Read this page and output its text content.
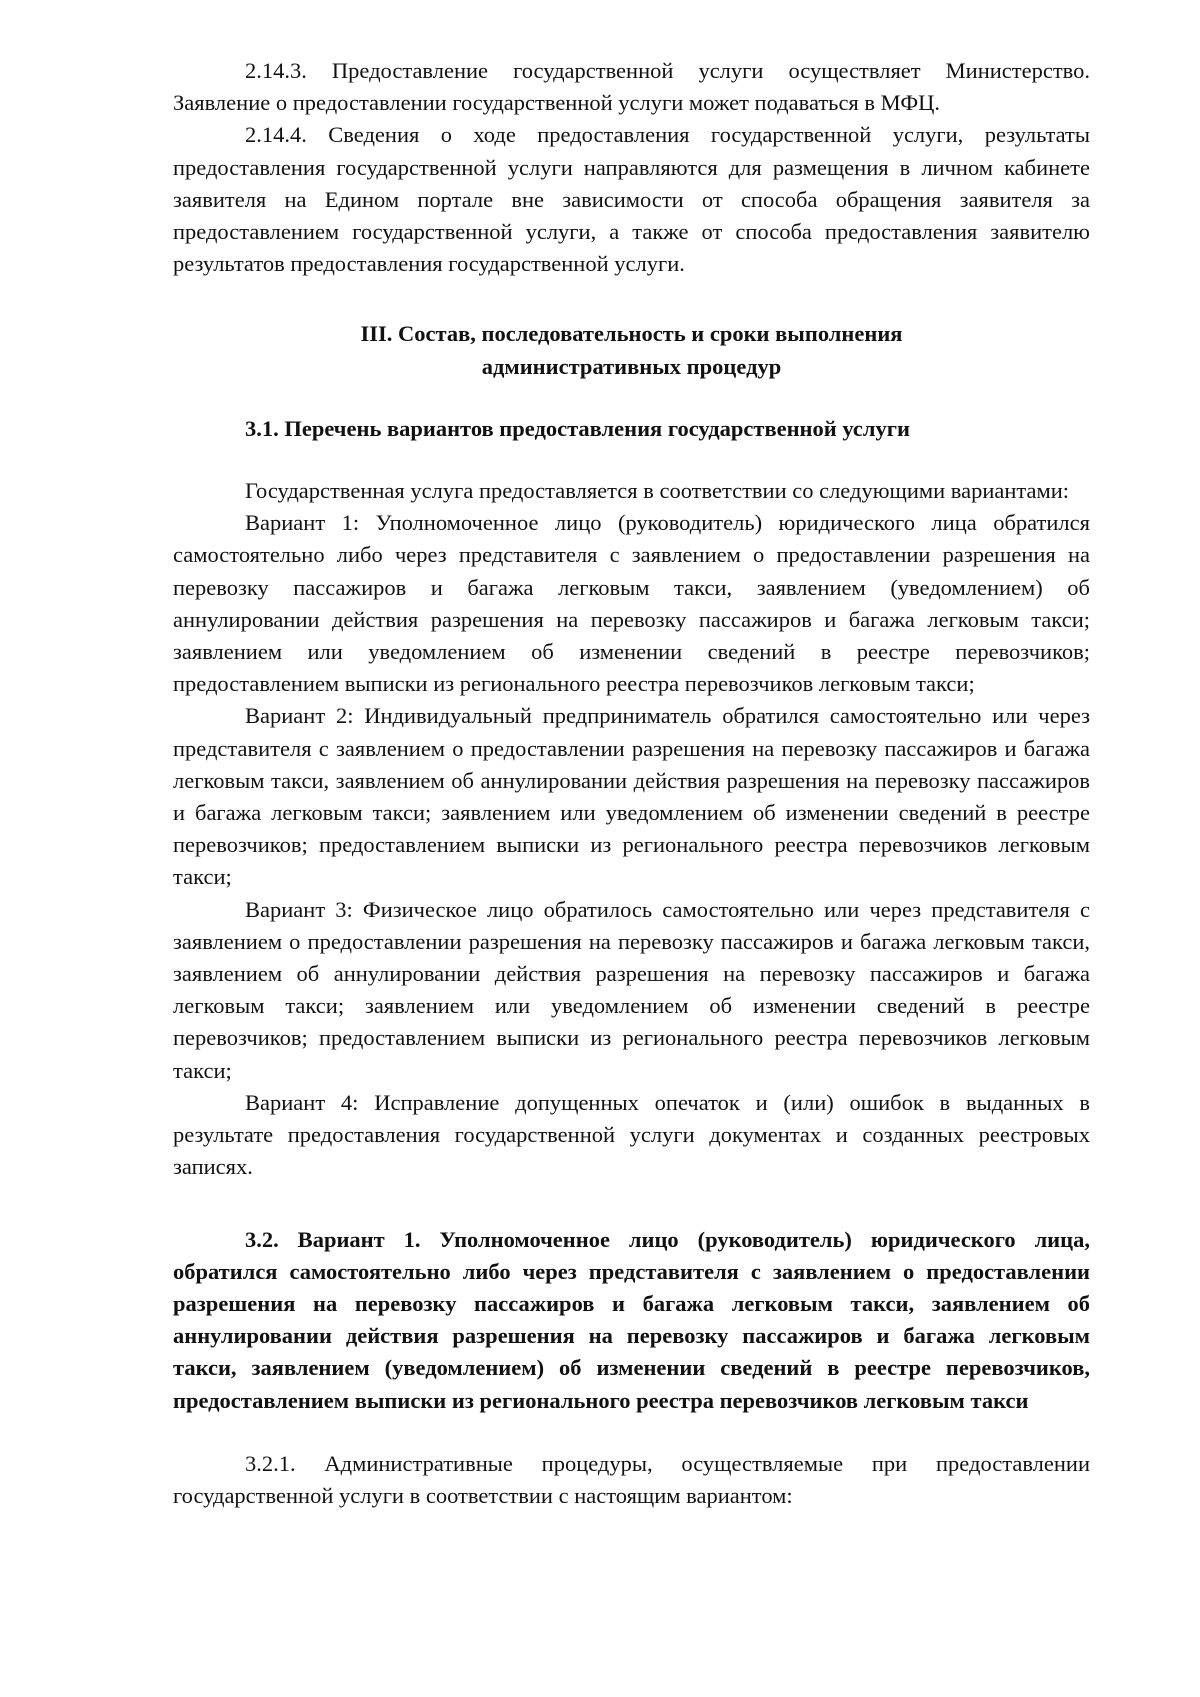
2.14.3. Предоставление государственной услуги осуществляет Министерство. Заявление о предоставлении государственной услуги может подаваться в МФЦ.

2.14.4. Сведения о ходе предоставления государственной услуги, результаты предоставления государственной услуги направляются для размещения в личном кабинете заявителя на Едином портале вне зависимости от способа обращения заявителя за предоставлением государственной услуги, а также от способа предоставления заявителю результатов предоставления государственной услуги.

III. Состав, последовательность и сроки выполнения
административных процедур

3.1. Перечень вариантов предоставления государственной услуги

Государственная услуга предоставляется в соответствии со следующими вариантами:

Вариант 1: Уполномоченное лицо (руководитель) юридического лица обратился самостоятельно либо через представителя с заявлением о предоставлении разрешения на перевозку пассажиров и багажа легковым такси, заявлением (уведомлением) об аннулировании действия разрешения на перевозку пассажиров и багажа легковым такси; заявлением или уведомлением об изменении сведений в реестре перевозчиков; предоставлением выписки из регионального реестра перевозчиков легковым такси;

Вариант 2: Индивидуальный предприниматель обратился самостоятельно или через представителя с заявлением о предоставлении разрешения на перевозку пассажиров и багажа легковым такси, заявлением об аннулировании действия разрешения на перевозку пассажиров и багажа легковым такси; заявлением или уведомлением об изменении сведений в реестре перевозчиков; предоставлением выписки из регионального реестра перевозчиков легковым такси;

Вариант 3: Физическое лицо обратилось самостоятельно или через представителя с заявлением о предоставлении разрешения на перевозку пассажиров и багажа легковым такси, заявлением об аннулировании действия разрешения на перевозку пассажиров и багажа легковым такси; заявлением или уведомлением об изменении сведений в реестре перевозчиков; предоставлением выписки из регионального реестра перевозчиков легковым такси;

Вариант 4: Исправление допущенных опечаток и (или) ошибок в выданных в результате предоставления государственной услуги документах и созданных реестровых записях.

3.2. Вариант 1. Уполномоченное лицо (руководитель) юридического лица, обратился самостоятельно либо через представителя с заявлением о предоставлении разрешения на перевозку пассажиров и багажа легковым такси, заявлением об аннулировании действия разрешения на перевозку пассажиров и багажа легковым такси, заявлением (уведомлением) об изменении сведений в реестре перевозчиков, предоставлением выписки из регионального реестра перевозчиков легковым такси

3.2.1. Административные процедуры, осуществляемые при предоставлении государственной услуги в соответствии с настоящим вариантом:
